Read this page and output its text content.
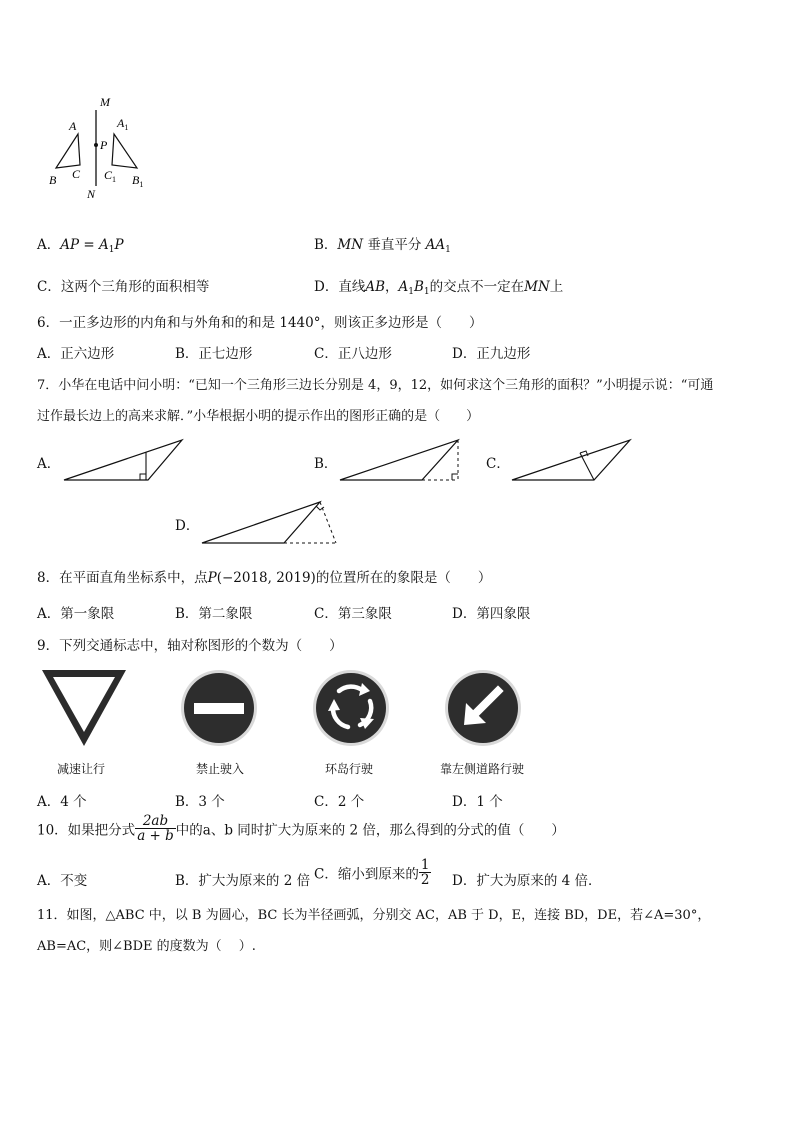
M
N
P
A
B C
$A_1$
$C_1$ $B_1$
A．AP = $A_1P$	B．MN 垂直平分 $AA_1$
C．这两个三角形的面积相等	D．直线AB，$A_1B_1$的交点不一定在MN上
6．一正多边形的内角和与外角和的和是 1440°，则该正多边形是（　　）
A．正六边形	B．正七边形	C．正八边形	D．正九边形
7．小华在电话中问小明：“已知一个三角形三边长分别是 4，9，12，如何求这个三角形的面积？”小明提示说：“可通
过作最长边上的高来求解．”小华根据小明的提示作出的图形正确的是（　　）
A．	B．	C．
D．
8．在平面直角坐标系中，点P(−2018, 2019)的位置所在的象限是（　　）
A．第一象限	B．第二象限	C．第三象限	D．第四象限
9．下列交通标志中，轴对称图形的个数为（　　）
减速让行	禁止驶入	环岛行驶	靠左侧道路行驶
A．4 个	B．3 个	C．2 个	D．1 个
10．如果把分式 $\frac{2ab}{a + b}$ 中的a、b 同时扩大为原来的 2 倍，那么得到的分式的值（　　）
A．不变	B．扩大为原来的 2 倍 C．缩小到原来的 $\frac{1}{2}$ D．扩大为原来的 4 倍．
11．如图，△ABC 中，以 B 为圆心，BC 长为半径画弧，分别交 AC，AB 于 D，E，连接 BD，DE，若∠A=30°，
AB=AC，则∠BDE 的度数为（　 ）.
